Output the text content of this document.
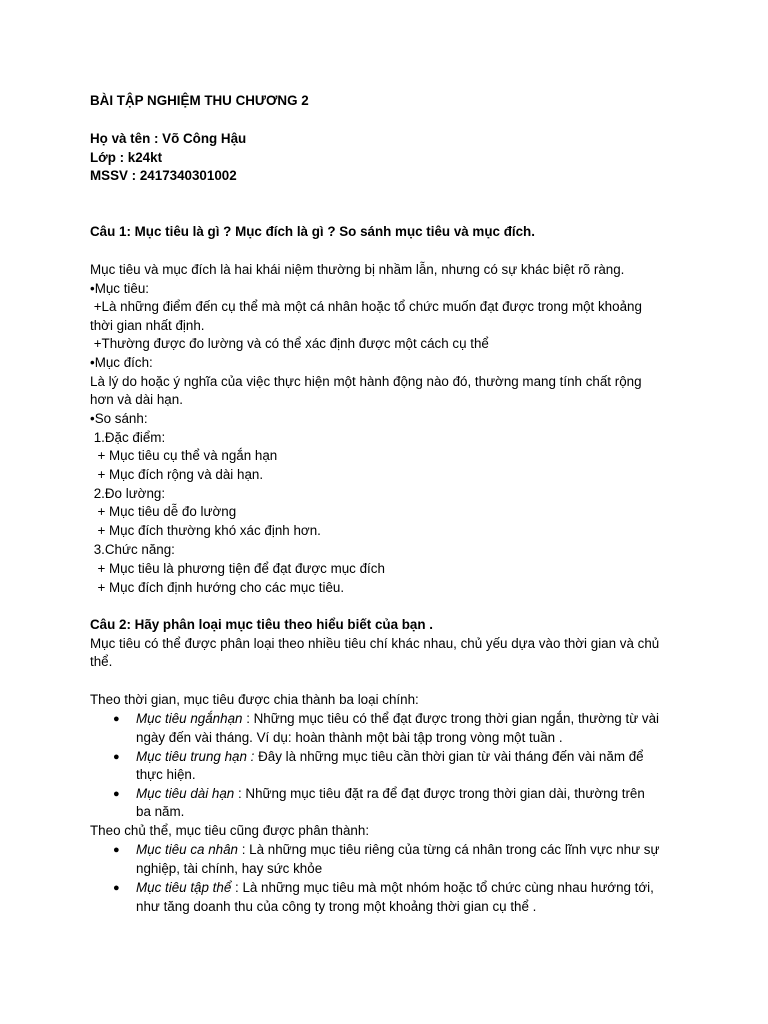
BÀI TẬP NGHIỆM THU CHƯƠNG 2
Họ và tên : Võ Công Hậu
Lớp : k24kt
MSSV : 2417340301002
Câu 1: Mục tiêu là gì ? Mục đích là gì ? So sánh mục tiêu và mục đích.
Mục tiêu và mục đích là hai khái niệm thường bị nhầm lẫn, nhưng có sự khác biệt rõ ràng.
•Mục tiêu:
+Là những điểm đến cụ thể mà một cá nhân hoặc tổ chức muốn đạt được trong một khoảng
thời gian nhất định.
+Thường được đo lường và có thể xác định được một cách cụ thể
•Mục đích:
Là lý do hoặc ý nghĩa của việc thực hiện một hành động nào đó, thường mang tính chất rộng
hơn và dài hạn.
•So sánh:
1.Đặc điểm:
+ Mục tiêu cụ thể và ngắn hạn
+ Mục đích rộng và dài hạn.
2.Đo lường:
+ Mục tiêu dễ đo lường
+ Mục đích thường khó xác định hơn.
3.Chức năng:
+ Mục tiêu là phương tiện để đạt được mục đích
+ Mục đích định hướng cho các mục tiêu.
Câu 2: Hãy phân loại mục tiêu theo hiểu biết của bạn .
Mục tiêu có thể được phân loại theo nhiều tiêu chí khác nhau, chủ yếu dựa vào thời gian và chủ
thể.
Theo thời gian, mục tiêu được chia thành ba loại chính:
● Mục tiêu ngắnhạn : Những mục tiêu có thể đạt được trong thời gian ngắn, thường từ vài
ngày đến vài tháng. Ví dụ: hoàn thành một bài tập trong vòng một tuần .
● Mục tiêu trung hạn : Đây là những mục tiêu cần thời gian từ vài tháng đến vài năm để
thực hiện.
● Mục tiêu dài hạn : Những mục tiêu đặt ra để đạt được trong thời gian dài, thường trên
ba năm.
Theo chủ thể, mục tiêu cũng được phân thành:
● Mục tiêu ca nhân : Là những mục tiêu riêng của từng cá nhân trong các lĩnh vực như sự
nghiệp, tài chính, hay sức khỏe
● Mục tiêu tập thể : Là những mục tiêu mà một nhóm hoặc tổ chức cùng nhau hướng tới,
như tăng doanh thu của công ty trong một khoảng thời gian cụ thể .
